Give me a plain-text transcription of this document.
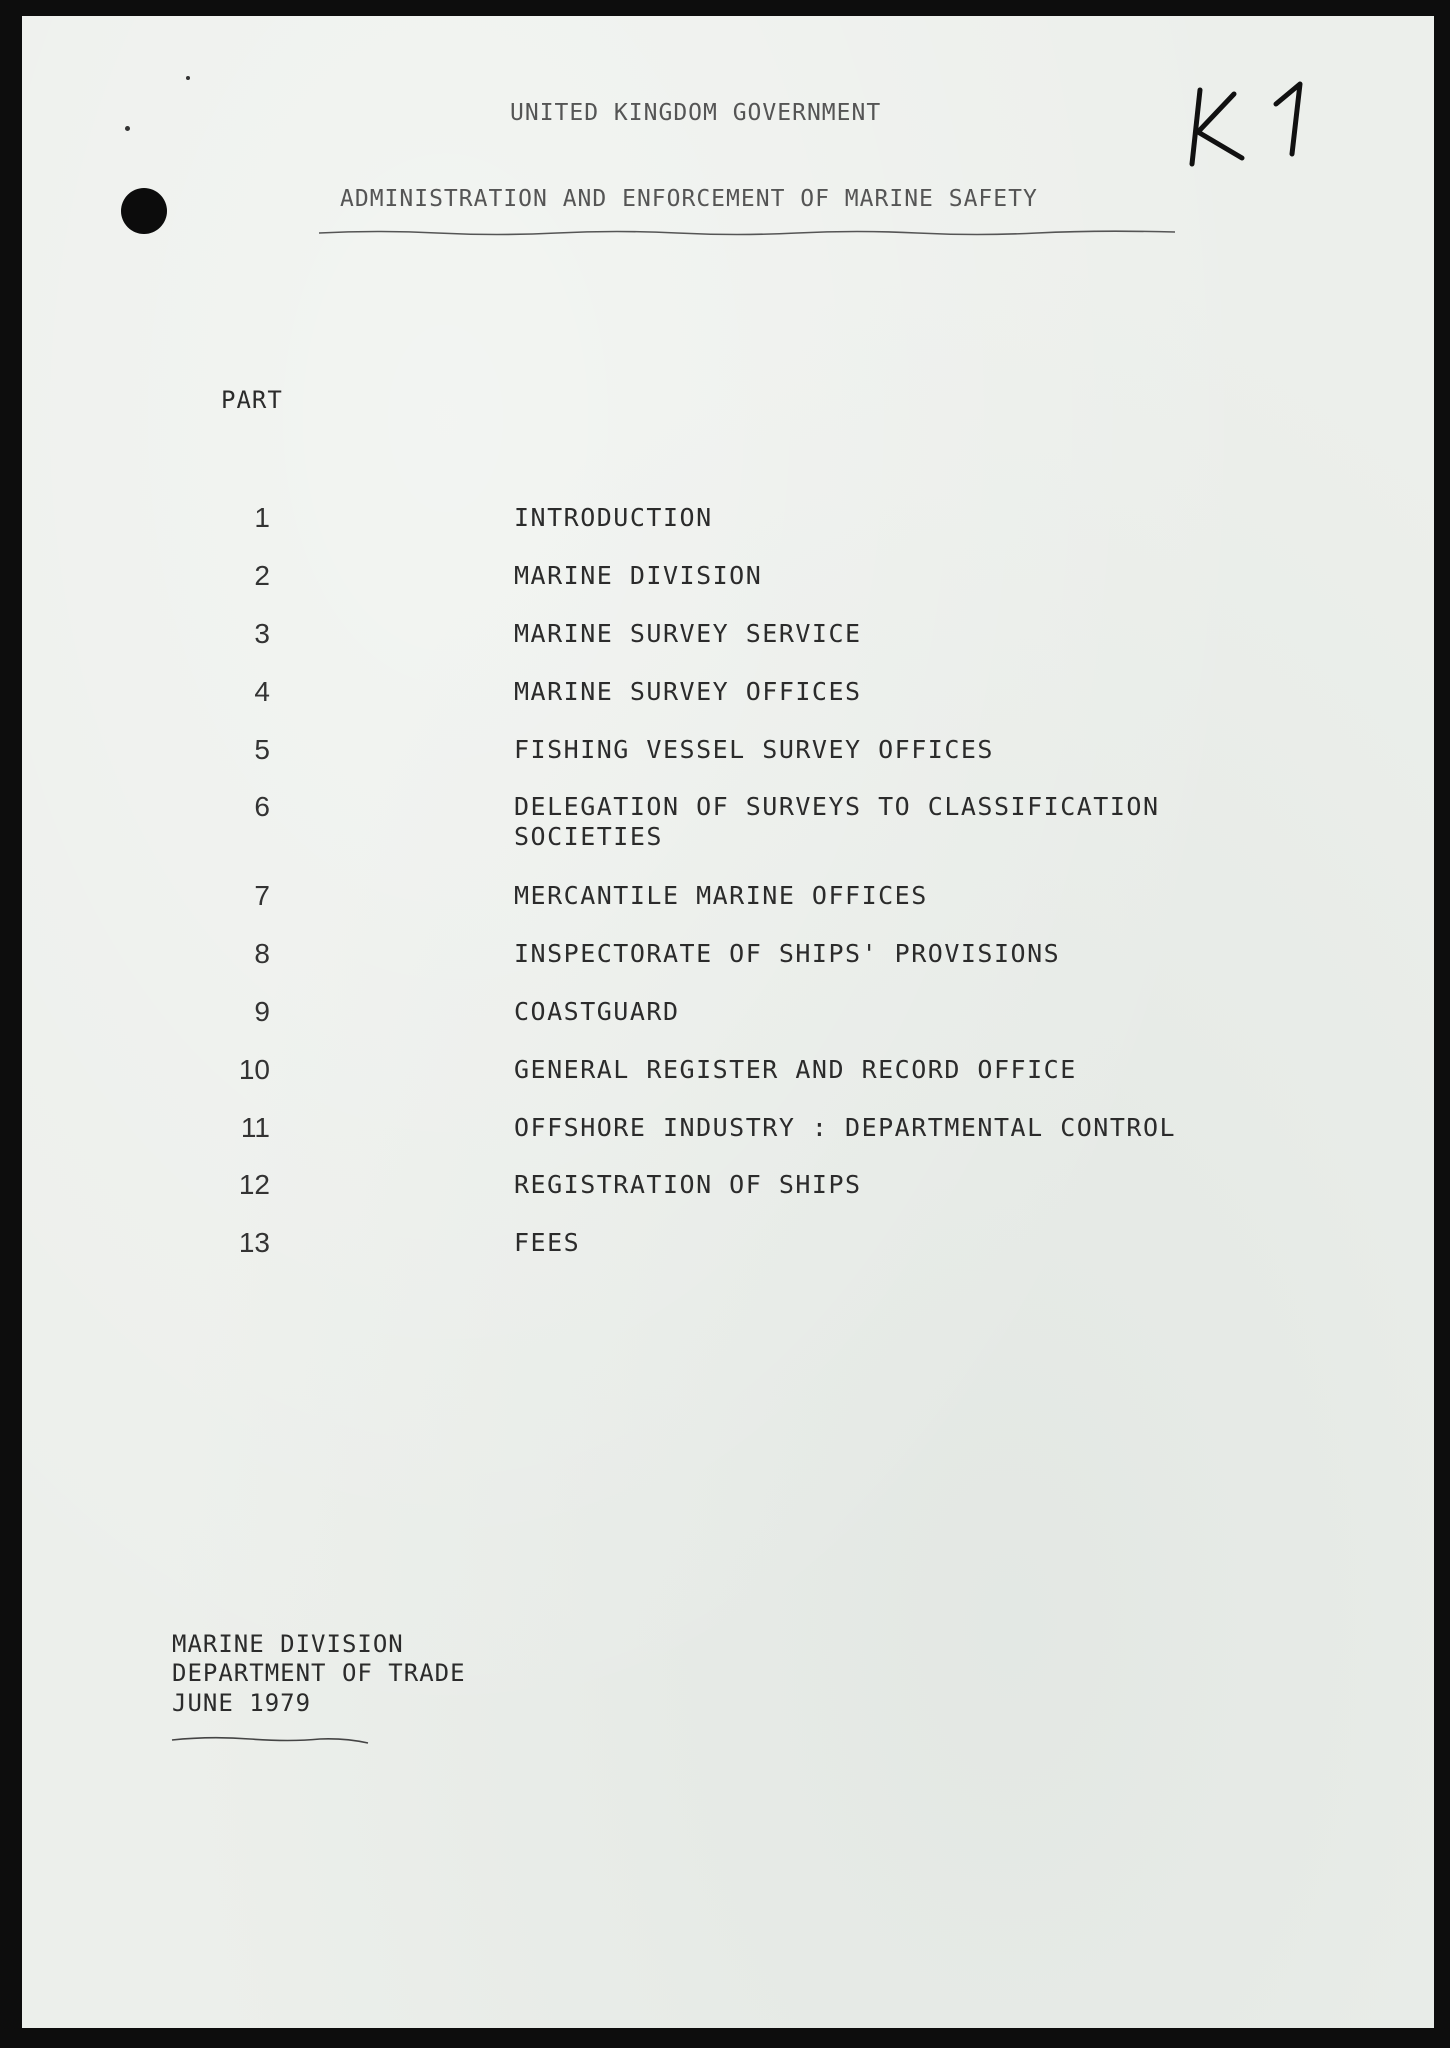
UNITED KINGDOM GOVERNMENT
ADMINISTRATION AND ENFORCEMENT OF MARINE SAFETY
PART
1	INTRODUCTION
2	MARINE DIVISION
3	MARINE SURVEY SERVICE
4	MARINE SURVEY OFFICES
5	FISHING VESSEL SURVEY OFFICES
6	DELEGATION OF SURVEYS TO CLASSIFICATION
SOCIETIES
7	MERCANTILE MARINE OFFICES
8	INSPECTORATE OF SHIPS' PROVISIONS
9	COASTGUARD
10	GENERAL REGISTER AND RECORD OFFICE
11	OFFSHORE INDUSTRY : DEPARTMENTAL CONTROL
12	REGISTRATION OF SHIPS
13	FEES
MARINE DIVISION
DEPARTMENT OF TRADE
JUNE 1979
